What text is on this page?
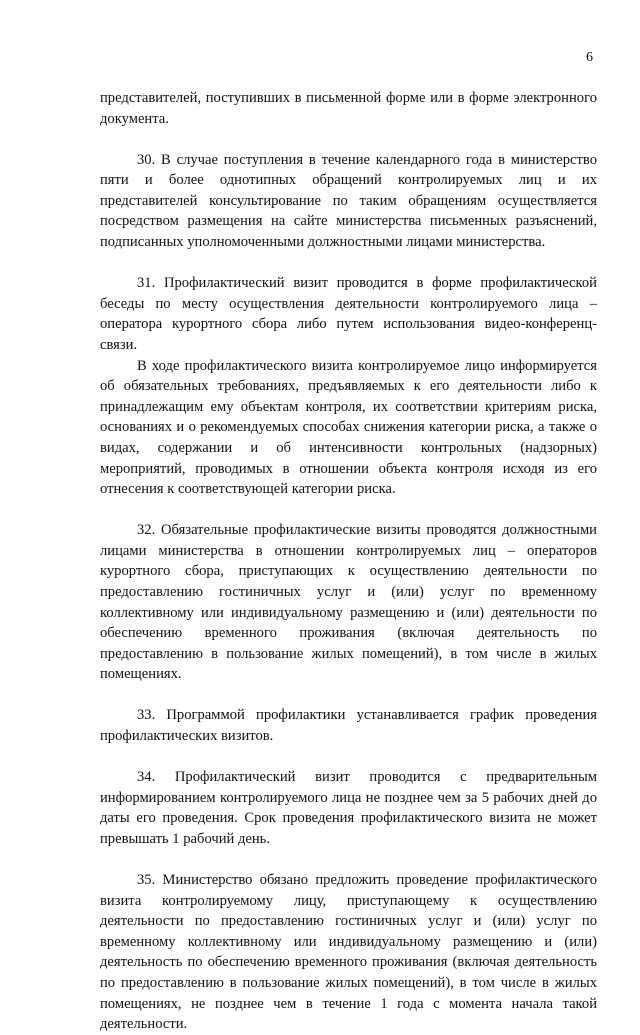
6

представителей, поступивших в письменной форме или в форме электронного документа.

30. В случае поступления в течение календарного года в министерство пяти и более однотипных обращений контролируемых лиц и их представителей консультирование по таким обращениям осуществляется посредством размещения на сайте министерства письменных разъяснений, подписанных уполномоченными должностными лицами министерства.

31. Профилактический визит проводится в форме профилактической беседы по месту осуществления деятельности контролируемого лица – оператора курортного сбора либо путем использования видео-конференц-связи.

В ходе профилактического визита контролируемое лицо информируется об обязательных требованиях, предъявляемых к его деятельности либо к принадлежащим ему объектам контроля, их соответствии критериям риска, основаниях и о рекомендуемых способах снижения категории риска, а также о видах, содержании и об интенсивности контрольных (надзорных) мероприятий, проводимых в отношении объекта контроля исходя из его отнесения к соответствующей категории риска.

32. Обязательные профилактические визиты проводятся должностными лицами министерства в отношении контролируемых лиц – операторов курортного сбора, приступающих к осуществлению деятельности по предоставлению гостиничных услуг и (или) услуг по временному коллективному или индивидуальному размещению и (или) деятельности по обеспечению временного проживания (включая деятельность по предоставлению в пользование жилых помещений), в том числе в жилых помещениях.

33. Программой профилактики устанавливается график проведения профилактических визитов.

34. Профилактический визит проводится с предварительным информированием контролируемого лица не позднее чем за 5 рабочих дней до даты его проведения. Срок проведения профилактического визита не может превышать 1 рабочий день.

35. Министерство обязано предложить проведение профилактического визита контролируемому лицу, приступающему к осуществлению деятельности по предоставлению гостиничных услуг и (или) услуг по временному коллективному или индивидуальному размещению и (или) деятельность по обеспечению временного проживания (включая деятельность по предоставлению в пользование жилых помещений), в том числе в жилых помещениях, не позднее чем в течение 1 года с момента начала такой деятельности.
